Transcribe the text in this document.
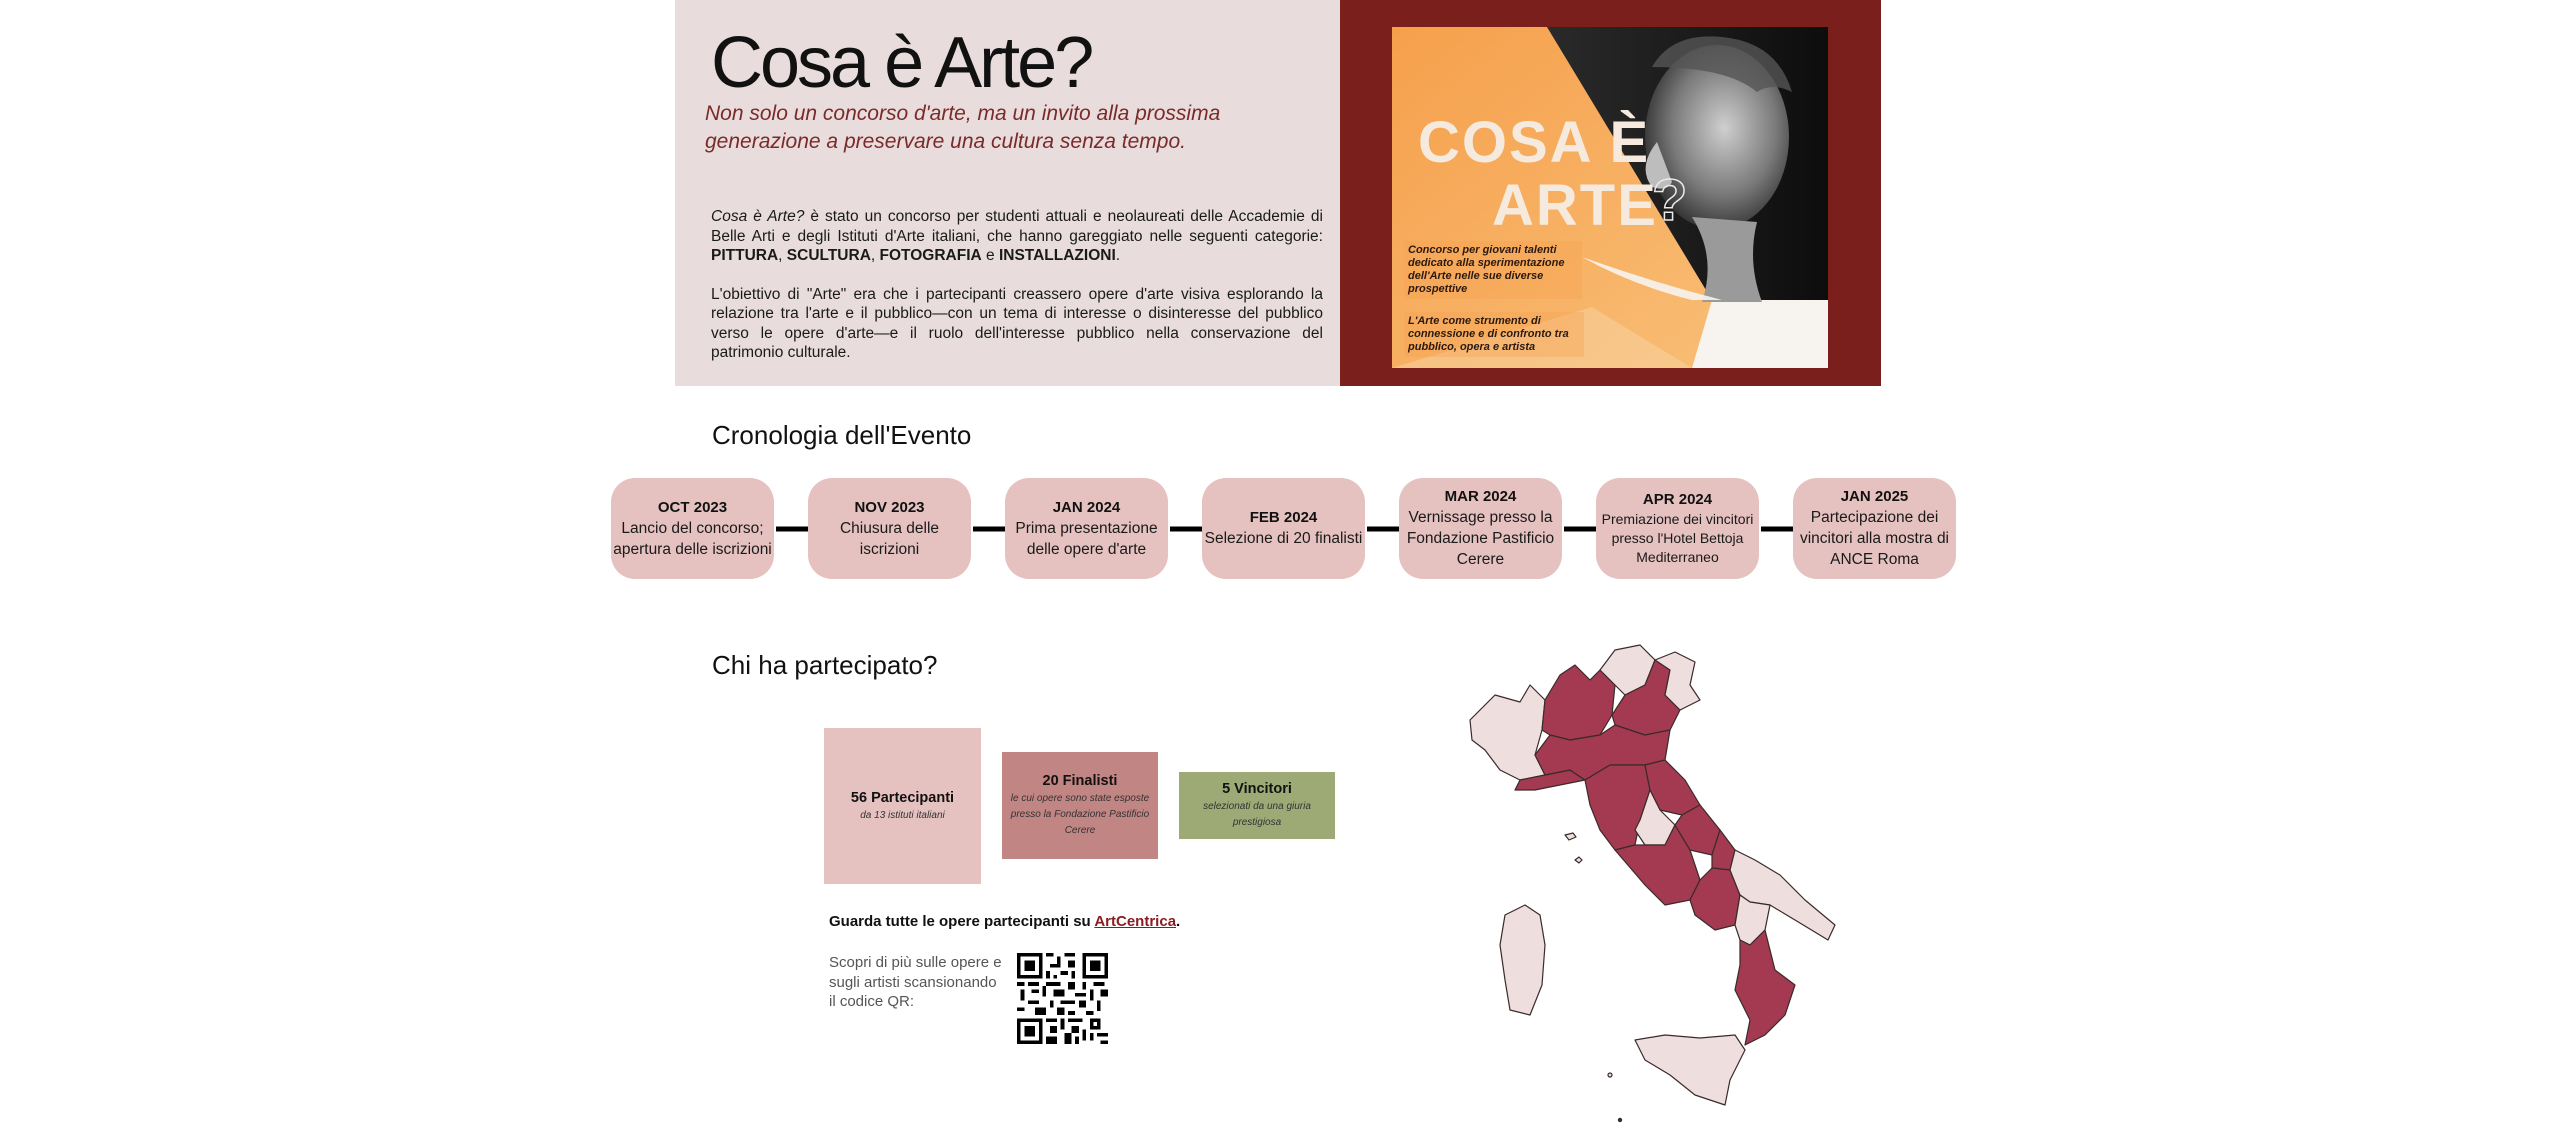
Cosa è Arte?

Non solo un concorso d'arte, ma un invito alla prossima generazione a preservare una cultura senza tempo.

Cosa è Arte? è stato un concorso per studenti attuali e neolaureati delle Accademie di Belle Arti e degli Istituti d'Arte italiani, che hanno gareggiato nelle seguenti categorie: PITTURA, SCULTURA, FOTOGRAFIA e INSTALLAZIONI.

L'obiettivo di "Arte" era che i partecipanti creassero opere d'arte visiva esplorando la relazione tra l'arte e il pubblico—con un tema di interesse o disinteresse del pubblico verso le opere d'arte—e il ruolo dell'interesse pubblico nella conservazione del patrimonio culturale.

COSA È
ARTE
?
Concorso per giovani talenti dedicato alla sperimentazione dell'Arte nelle sue diverse prospettive
L'Arte come strumento di connessione e di confronto tra pubblico, opera e artista
Cronologia dell'Evento
OCT 2023
Lancio del concorso; apertura delle iscrizioni
NOV 2023
Chiusura delle iscrizioni
JAN 2024
Prima presentazione delle opere d'arte
FEB 2024
Selezione di 20 finalisti
MAR 2024
Vernissage presso la Fondazione Pastificio Cerere
APR 2024
Premiazione dei vincitori presso l'Hotel Bettoja Mediterraneo
JAN 2025
Partecipazione dei vincitori alla mostra di ANCE Roma
Chi ha partecipato?
56 Partecipanti
da 13 istituti italiani
20 Finalisti
le cui opere sono state esposte presso la Fondazione Pastificio Cerere
5 Vincitori
selezionati da una giuria prestigiosa
Guarda tutte le opere partecipanti su ArtCentrica.
Scopri di più sulle opere e sugli artisti scansionando il codice QR:
